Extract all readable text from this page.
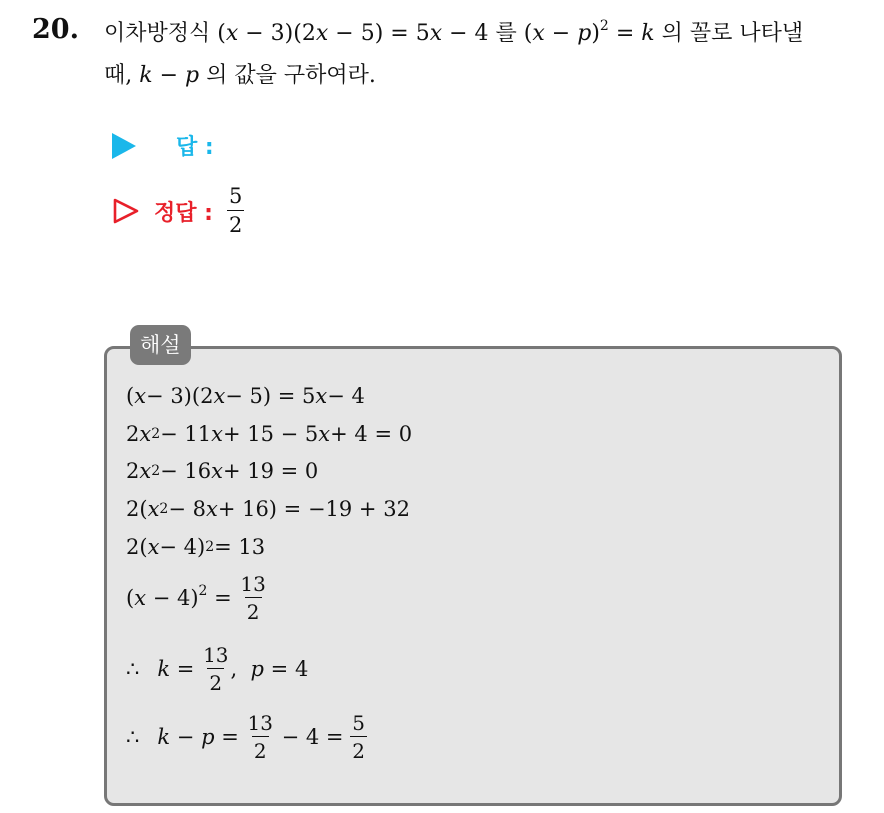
20. 이차방정식 (x − 3)(2x − 5) = 5x − 4 를 $(x - p)^2 = k$ 의 꼴로 나타낼
때, k − p 의 값을 구하여라.
답 :
정답 : $\frac{5}{2}$
해설
( x − 3)(2 x − 5) = 5 x − 4
2 x 2 − 11 x + 15 − 5 x + 4 = 0
2 x 2 − 16 x + 19 = 0
2( x 2 − 8 x + 16) = −19 + 32
2( x − 4) 2 = 13
$(x - 4)^2 = \frac{13}{2}$
∴ $k = \frac{13}{2}$ ,  p = 4
∴ $k - p = \frac{13}{2} - 4 = \frac{5}{2}$
